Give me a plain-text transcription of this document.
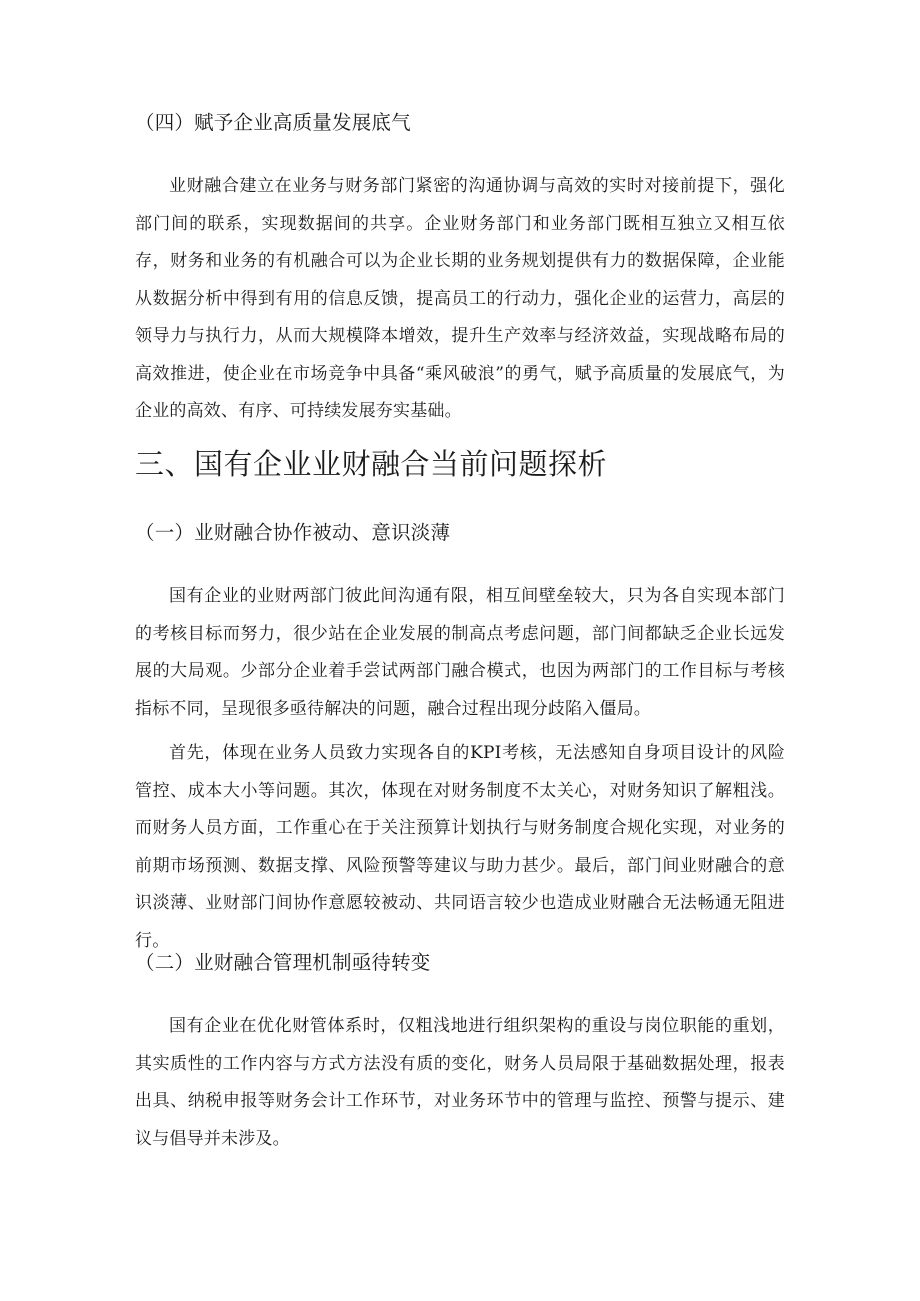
（四）赋予企业高质量发展底气

业财融合建立在业务与财务部门紧密的沟通协调与高效的实时对接前提下，强化部门间的联系，实现数据间的共享。企业财务部门和业务部门既相互独立又相互依存，财务和业务的有机融合可以为企业长期的业务规划提供有力的数据保障，企业能从数据分析中得到有用的信息反馈，提高员工的行动力，强化企业的运营力，高层的领导力与执行力，从而大规模降本增效，提升生产效率与经济效益，实现战略布局的高效推进，使企业在市场竞争中具备“乘风破浪”的勇气，赋予高质量的发展底气，为企业的高效、有序、可持续发展夯实基础。

三、国有企业业财融合当前问题探析
（一）业财融合协作被动、意识淡薄

国有企业的业财两部门彼此间沟通有限，相互间壁垒较大，只为各自实现本部门的考核目标而努力，很少站在企业发展的制高点考虑问题，部门间都缺乏企业长远发展的大局观。少部分企业着手尝试两部门融合模式，也因为两部门的工作目标与考核指标不同，呈现很多亟待解决的问题，融合过程出现分歧陷入僵局。

首先，体现在业务人员致力实现各自的KPI考核，无法感知自身项目设计的风险管控、成本大小等问题。其次，体现在对财务制度不太关心，对财务知识了解粗浅。而财务人员方面，工作重心在于关注预算计划执行与财务制度合规化实现，对业务的前期市场预测、数据支撑、风险预警等建议与助力甚少。最后，部门间业财融合的意识淡薄、业财部门间协作意愿较被动、共同语言较少也造成业财融合无法畅通无阻进行。

（二）业财融合管理机制亟待转变

国有企业在优化财管体系时，仅粗浅地进行组织架构的重设与岗位职能的重划，其实质性的工作内容与方式方法没有质的变化，财务人员局限于基础数据处理，报表出具、纳税申报等财务会计工作环节，对业务环节中的管理与监控、预警与提示、建议与倡导并未涉及。
